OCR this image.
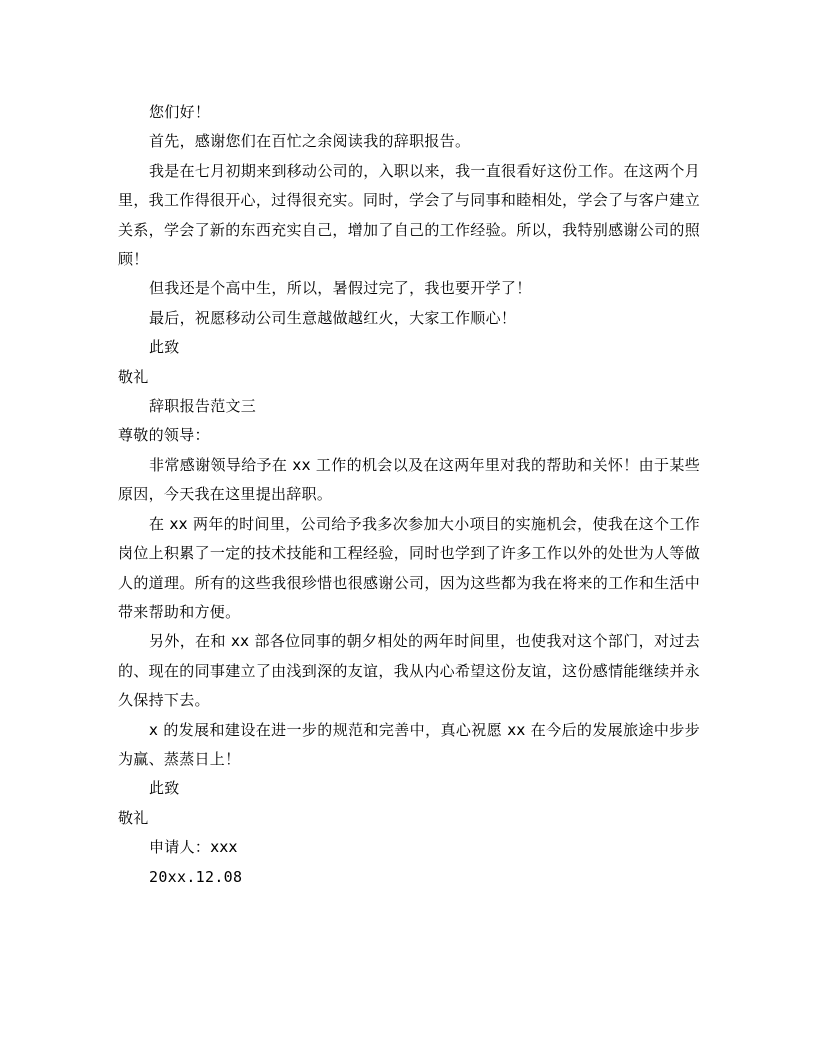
您们好！

首先，感谢您们在百忙之余阅读我的辞职报告。

我是在七月初期来到移动公司的，入职以来，我一直很看好这份工作。在这两个月里，我工作得很开心，过得很充实。同时，学会了与同事和睦相处，学会了与客户建立关系，学会了新的东西充实自己，增加了自己的工作经验。所以，我特别感谢公司的照顾！

但我还是个高中生，所以，暑假过完了，我也要开学了！

最后，祝愿移动公司生意越做越红火，大家工作顺心！

此致

敬礼

辞职报告范文三

尊敬的领导：

非常感谢领导给予在 xx 工作的机会以及在这两年里对我的帮助和关怀！由于某些原因，今天我在这里提出辞职。

在 xx 两年的时间里，公司给予我多次参加大小项目的实施机会，使我在这个工作岗位上积累了一定的技术技能和工程经验，同时也学到了许多工作以外的处世为人等做人的道理。所有的这些我很珍惜也很感谢公司，因为这些都为我在将来的工作和生活中带来帮助和方便。

另外，在和 xx 部各位同事的朝夕相处的两年时间里，也使我对这个部门，对过去的、现在的同事建立了由浅到深的友谊，我从内心希望这份友谊，这份感情能继续并永久保持下去。

x 的发展和建设在进一步的规范和完善中，真心祝愿 xx 在今后的发展旅途中步步为赢、蒸蒸日上！

此致

敬礼

申请人：xxx

20xx.12.08
